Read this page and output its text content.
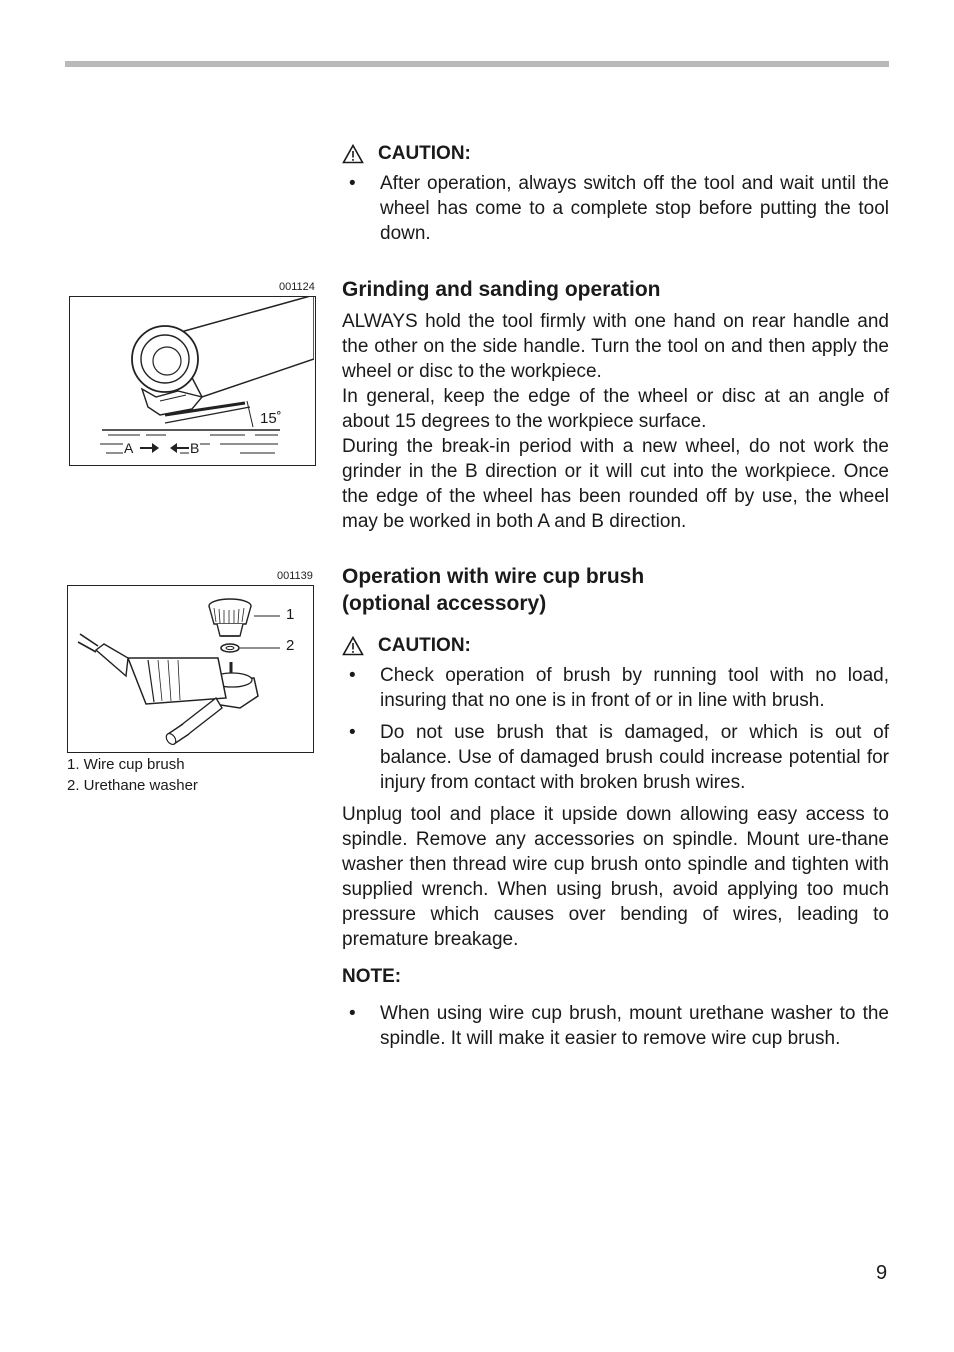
CAUTION:
•	After operation, always switch off the tool and wait until the wheel has come to a complete stop before putting the tool down.
001124
15˚
A	B

Grinding and sanding operation

ALWAYS hold the tool firmly with one hand on rear handle and the other on the side handle. Turn the tool on and then apply the wheel or disc to the workpiece.

In general, keep the edge of the wheel or disc at an angle of about 15 degrees to the workpiece surface.

During the break-in period with a new wheel, do not work the grinder in the B direction or it will cut into the workpiece. Once the edge of the wheel has been rounded off by use, the wheel may be worked in both A and B direction.

001139
1
2
1. Wire cup brush
2. Urethane washer

Operation with wire cup brush

(optional accessory)

CAUTION:
•	Check operation of brush by running tool with no load, insuring that no one is in front of or in line with brush.
•	Do not use brush that is damaged, or which is out of balance. Use of damaged brush could increase potential for injury from contact with broken brush wires.

Unplug tool and place it upside down allowing easy access to spindle. Remove any accessories on spindle. Mount ure-thane washer then thread wire cup brush onto spindle and tighten with supplied wrench. When using brush, avoid applying too much pressure which causes over bending of wires, leading to premature breakage.

NOTE:

•	When using wire cup brush, mount urethane washer to the spindle. It will make it easier to remove wire cup brush.
9
